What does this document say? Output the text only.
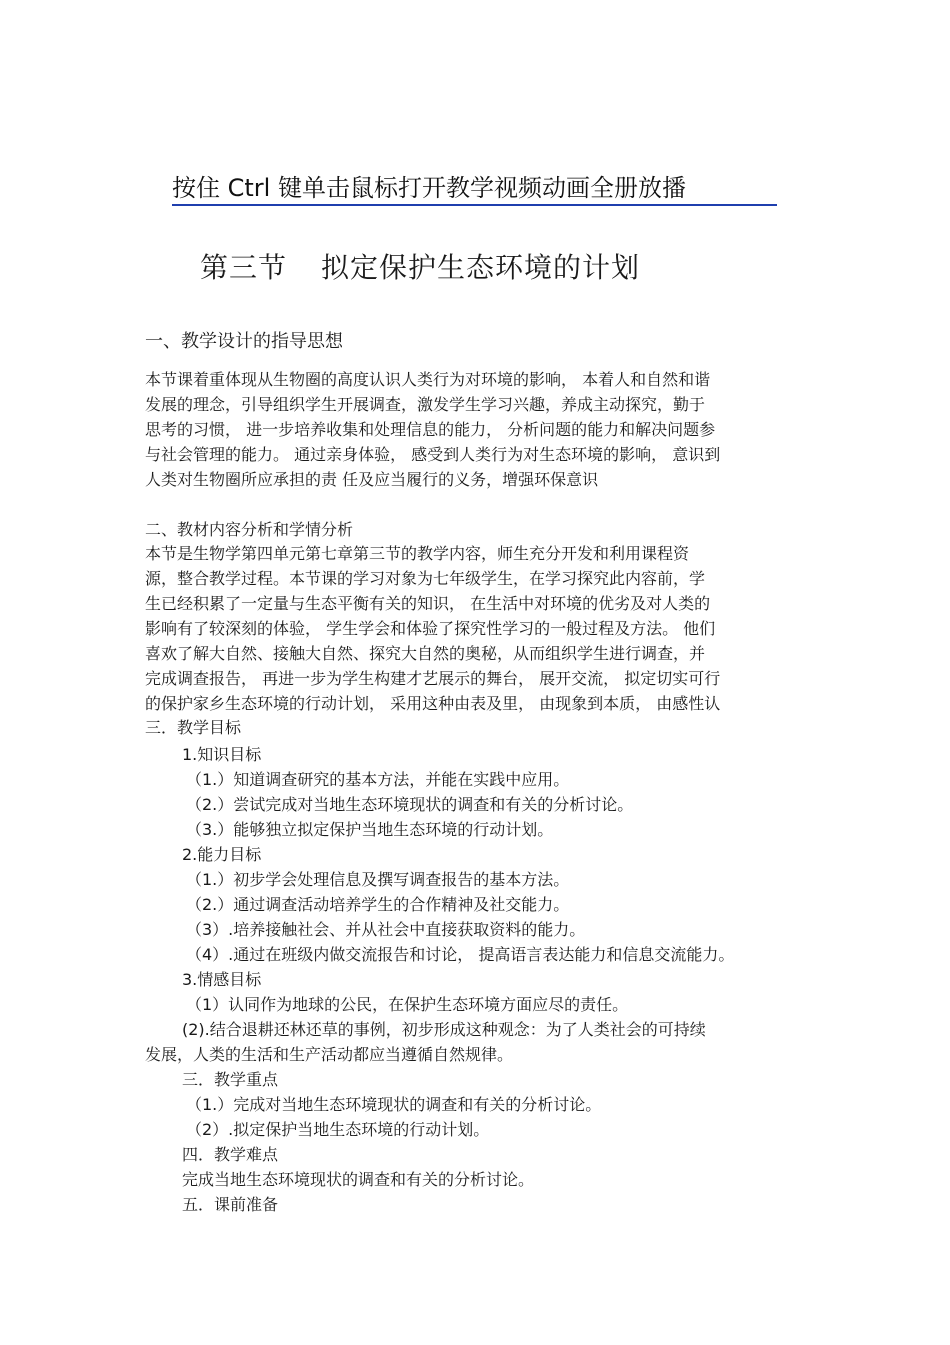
按住 Ctrl 键单击鼠标打开教学视频动画全册放播
第三节 拟定保护生态环境的计划
一、教学设计的指导思想
本节课着重体现从生物圈的高度认识人类行为对环境的影响， 本着人和自然和谐
发展的理念，引导组织学生开展调查，激发学生学习兴趣，养成主动探究，勤于
思考的习惯， 进一步培养收集和处理信息的能力， 分析问题的能力和解决问题参
与社会管理的能力。 通过亲身体验， 感受到人类行为对生态环境的影响， 意识到
人类对生物圈所应承担的责 任及应当履行的义务，增强环保意识
二、教材内容分析和学情分析
本节是生物学第四单元第七章第三节的教学内容，师生充分开发和利用课程资
源，整合教学过程。本节课的学习对象为七年级学生，在学习探究此内容前，学
生已经积累了一定量与生态平衡有关的知识， 在生活中对环境的优劣及对人类的
影响有了较深刻的体验， 学生学会和体验了探究性学习的一般过程及方法。 他们
喜欢了解大自然、接触大自然、探究大自然的奥秘，从而组织学生进行调查，并
完成调查报告， 再进一步为学生构建才艺展示的舞台， 展开交流， 拟定切实可行
的保护家乡生态环境的行动计划， 采用这种由表及里， 由现象到本质， 由感性认
三．教学目标
1.知识目标
（1.）知道调查研究的基本方法，并能在实践中应用。
（2.）尝试完成对当地生态环境现状的调查和有关的分析讨论。
（3.）能够独立拟定保护当地生态环境的行动计划。
2.能力目标
（1.）初步学会处理信息及撰写调查报告的基本方法。
（2.）通过调查活动培养学生的合作精神及社交能力。
（3）.培养接触社会、并从社会中直接获取资料的能力。
（4）.通过在班级内做交流报告和讨论， 提高语言表达能力和信息交流能力。
3.情感目标
（1）认同作为地球的公民，在保护生态环境方面应尽的责任。
(2).结合退耕还林还草的事例，初步形成这种观念：为了人类社会的可持续
发展，人类的生活和生产活动都应当遵循自然规律。
三．教学重点
（1.）完成对当地生态环境现状的调查和有关的分析讨论。
（2）.拟定保护当地生态环境的行动计划。
四．教学难点
完成当地生态环境现状的调查和有关的分析讨论。
五．课前准备
